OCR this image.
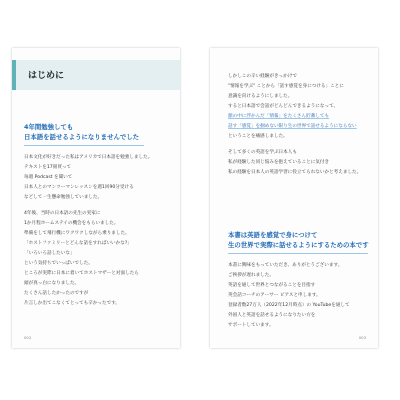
はじめに
4年間勉強しても
日本語を話せるようになりませんでした
日本文化が好きだった私はアメリカで日本語を勉強しました。
テキストを17冊買って
毎週 Podcast を聞いて
日本人とのマンツーマンレッスンを週1回90分受ける
などして一生懸命勉強していました。
4年後、当時の日本語の先生の実家に
1か月程ホームステイの機会をもらいました。
準備をして飛行機にワクワクしながら乗りました。
「ホストファミリーとどんな話をすればいいかな?」
「いろいろ話したいな」
という気持ちでいっぱいでした。
ところが実際に日本に着いてホストマザーと対面したら
頭が真っ白になりました。
たくさん話したかったのですが
片言しか出てこなくてとっても辛かったです。
002
しかしこの辛い経験がきっかけで
"情報を学ぶ" ことから「話す感覚を身につける」ことに
意識を向けるようにしました。
すると日本語で会話がどんどんできるようになって、
顔の中に浮かんだ「情報」をたくさん貯蓄しても
話す「感覚」を掴めない限り生の世界で話せるようにならない
ということを痛感しました。
そして多くの英語を学ぶ日本人も
私が経験した同じ悩みを抱えていることに気付き
私の経験を日本人の英語学習に役立てられないかと考えました。
本書は英語を感覚で身につけて
生の世界で実際に話せるようにするための本です
本書に興味をもっていただき、ありがとうございます。
ご挨拶が遅れました。
英語を通して世界とつながることを目指す
英会話コーチのアーサー ピアスと申します。
登録者数27万人（2022年12月時点）の YouTubeを通して
外国人と英語を話せるようになりたい方を
サポートしています。
003
